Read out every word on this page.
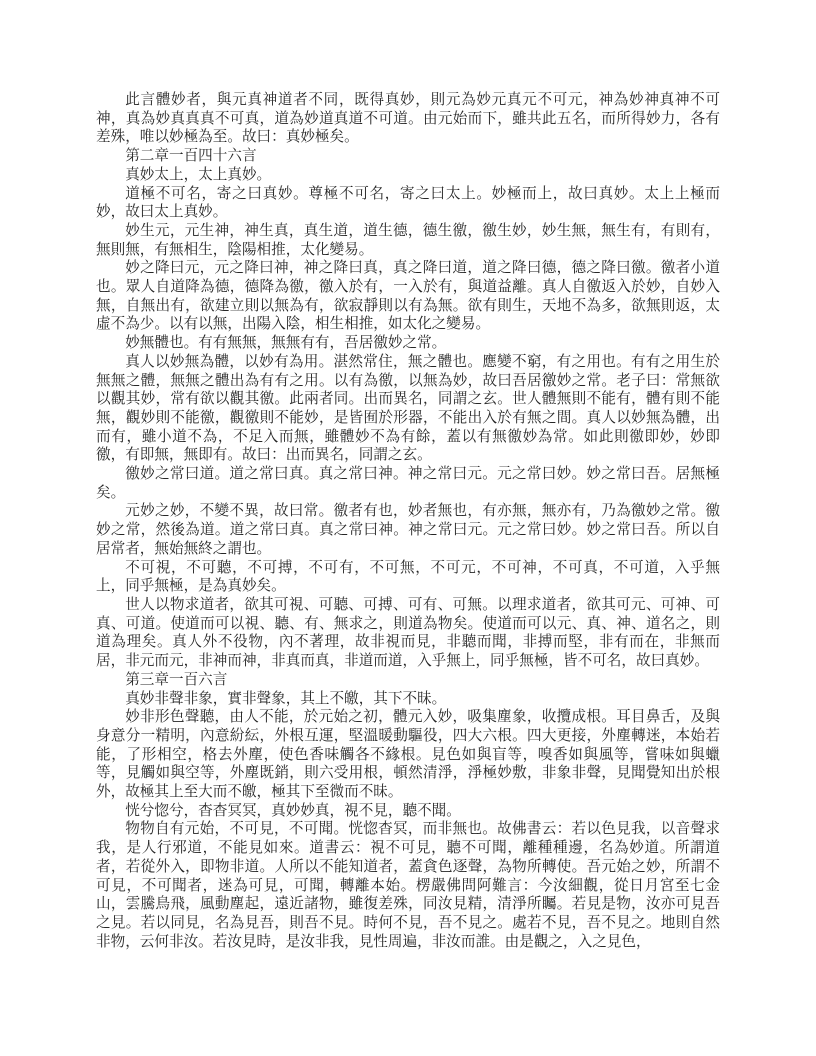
此言體妙者，與元真神道者不同，既得真妙，則元為妙元真元不可元，神為妙神真神不可神，真為妙真真真不可真，道為妙道真道不可道。由元始而下，雖共此五名，而所得妙力，各有差殊，唯以妙極為至。故曰：真妙極矣。

第二章一百四十六言

真妙太上，太上真妙。

道極不可名，寄之曰真妙。尊極不可名，寄之曰太上。妙極而上，故曰真妙。太上上極而妙，故曰太上真妙。

妙生元，元生神，神生真，真生道，道生德，德生徼，徼生妙，妙生無，無生有，有則有，無則無，有無相生，陰陽相推，太化變易。

妙之降曰元，元之降曰神，神之降曰真，真之降曰道，道之降曰德，德之降曰徼。徼者小道也。眾人自道降為德，德降為徼，徼入於有，一入於有，與道益離。真人自徼返入於妙，自妙入無，自無出有，欲建立則以無為有，欲寂靜則以有為無。欲有則生，天地不為多，欲無則返，太虛不為少。以有以無，出陽入陰，相生相推，如太化之變易。

妙無體也。有有無無，無無有有，吾居徼妙之常。

真人以妙無為體，以妙有為用。湛然常住，無之體也。應變不窮，有之用也。有有之用生於無無之體，無無之體出為有有之用。以有為徼，以無為妙，故曰吾居徼妙之常。老子曰：常無欲以觀其妙，常有欲以觀其徼。此兩者同。出而異名，同謂之玄。世人體無則不能有，體有則不能無，觀妙則不能徼，觀徼則不能妙，是皆囿於形器，不能出入於有無之間。真人以妙無為體，出而有，雖小道不為，不足入而無，雖體妙不為有餘，蓋以有無徼妙為常。如此則徼即妙，妙即徼，有即無，無即有。故曰：出而異名，同謂之玄。

徼妙之常曰道。道之常曰真。真之常曰神。神之常曰元。元之常曰妙。妙之常曰吾。居無極矣。

元妙之妙，不變不異，故曰常。徼者有也，妙者無也，有亦無，無亦有，乃為徼妙之常。徼妙之常，然後為道。道之常曰真。真之常曰神。神之常曰元。元之常曰妙。妙之常曰吾。所以自居常者，無始無終之謂也。

不可視，不可聽，不可搏，不可有，不可無，不可元，不可神，不可真，不可道，入乎無上，同乎無極，是為真妙矣。

世人以物求道者，欲其可視、可聽、可搏、可有、可無。以理求道者，欲其可元、可神、可真、可道。使道而可以視、聽、有、無求之，則道為物矣。使道而可以元、真、神、道名之，則道為理矣。真人外不役物，內不著理，故非視而見，非聽而聞，非搏而堅，非有而在，非無而居，非元而元，非神而神，非真而真，非道而道，入乎無上，同乎無極，皆不可名，故曰真妙。

第三章一百六言

真妙非聲非象，實非聲象，其上不皦，其下不昧。

妙非形色聲聽，由人不能，於元始之初，體元入妙，吸集塵象，收攬成根。耳目鼻舌，及與身意分一精明，內意紛紜，外根互運，堅溫暖動驅役，四大六根。四大更接，外塵轉迷，本始若能，了形相空，格去外塵，使色香味觸各不緣根。見色如與盲等，嗅香如與風等，嘗味如與蠟等，見觸如與空等，外塵既銷，則六受用根，頓然清淨，淨極妙敷，非象非聲，見聞覺知出於根外，故極其上至大而不皦，極其下至微而不昧。

恍兮惚兮，杳杳冥冥，真妙妙真，視不見，聽不聞。

物物自有元始，不可見，不可聞。恍惚杳冥，而非無也。故佛書云：若以色見我，以音聲求我，是人行邪道，不能見如來。道書云：視不可見，聽不可聞，離種種邊，名為妙道。所謂道者，若從外入，即物非道。人所以不能知道者，蓋貪色逐聲，為物所轉使。吾元始之妙，所謂不可見，不可聞者，迷為可見，可聞，轉離本始。楞嚴佛問阿難言：今汝細觀，從日月宮至七金山，雲騰鳥飛，風動塵起，遠近諸物，雖復差殊，同汝見精，清淨所矚。若見是物，汝亦可見吾之見。若以同見，名為見吾，則吾不見。時何不見，吾不見之。處若不見，吾不見之。地則自然非物，云何非汝。若汝見時，是汝非我，見性周遍，非汝而誰。由是觀之，入之見色，
